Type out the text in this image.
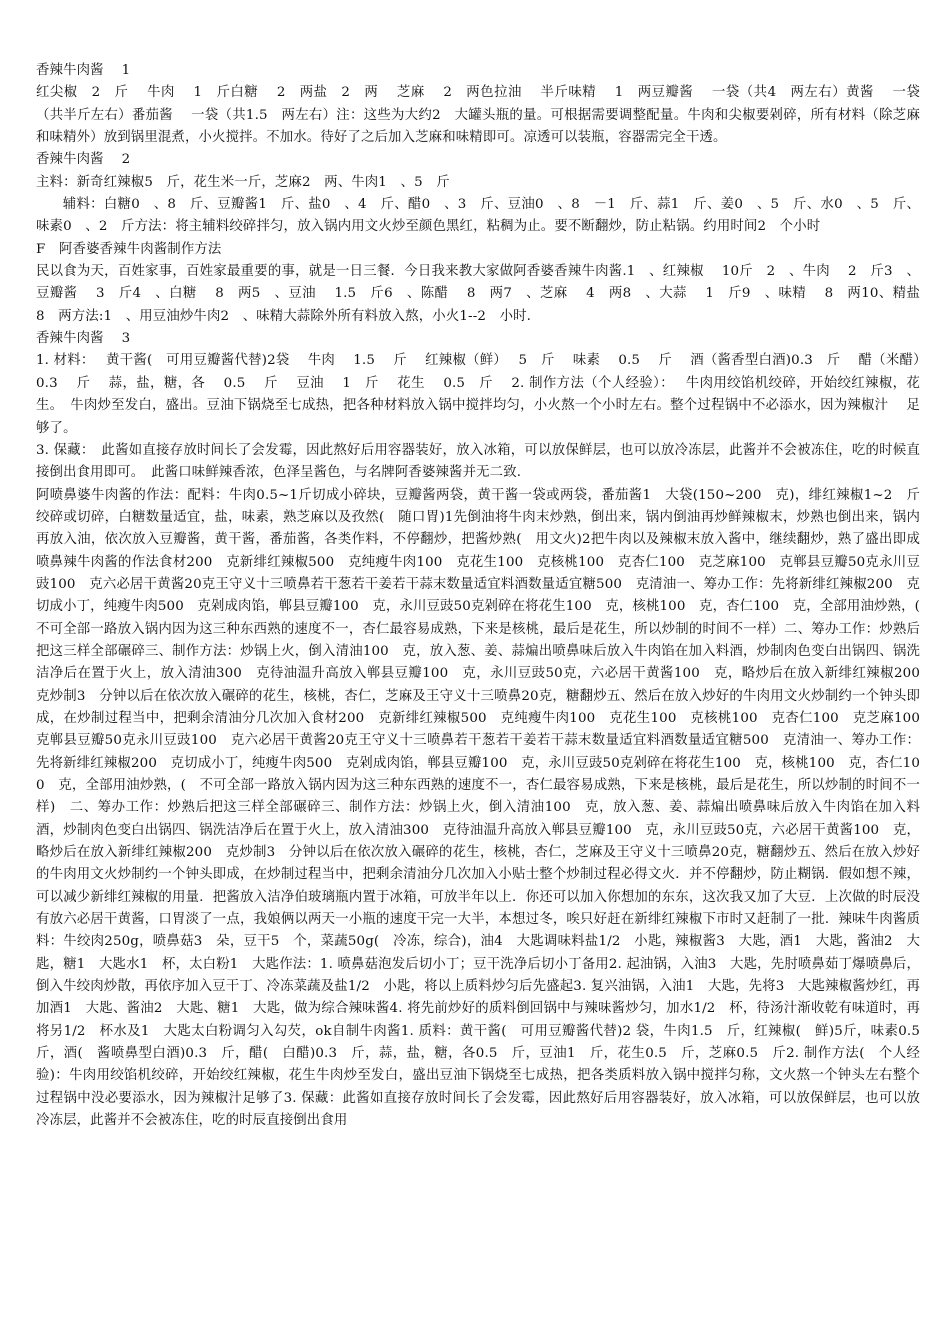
香辣牛肉酱　 1

红尖椒　2　斤　 牛肉　 1　斤白糖　 2　两盐　2　两　 芝麻　 2　两色拉油　 半斤味精　 1　两豆瓣酱　 一袋（共4　两左右）黄酱　 一袋（共半斤左右）番茄酱　 一袋（共1.5　两左右）注：这些为大约2　大罐头瓶的量。可根据需要调整配量。牛肉和尖椒要剁碎，所有材料（除芝麻和味精外）放到锅里混煮，小火搅拌。不加水。待好了之后加入芝麻和味精即可。凉透可以装瓶，容器需完全干透。

香辣牛肉酱　 2

主料：新奇红辣椒5　斤，花生米一斤，芝麻2　两、牛肉1　、5　斤

辅料：白糖0　、8　斤、豆瓣酱1　斤、盐0　、4　斤、醋0　、3　斤、豆油0　、8　－1　斤、蒜1　斤、姜0　、5　斤、水0　、5　斤、味素0　、2　斤方法：将主辅料绞碎拌匀，放入锅内用文火炒至颜色黑红，粘稠为止。要不断翻炒，防止粘锅。约用时间2　个小时

F　阿香婆香辣牛肉酱制作方法

民以食为天，百姓家事，百姓家最重要的事，就是一日三餐．今日我来教大家做阿香婆香辣牛肉酱.1　、红辣椒　 10斤　2　、牛肉　 2　斤3　、豆瓣酱　 3　斤4　、白糖　 8　两5　、豆油　 1.5　斤6　、陈醋　 8　两7　、芝麻　 4　两8　、大蒜　 1　斤9　、味精　 8　两10、精盐　 8　两方法:1　、用豆油炒牛肉2　、味精大蒜除外所有料放入熬，小火1--2　小时.

香辣牛肉酱　 3

1. 材料：　 黄干酱(　可用豆瓣酱代替)2袋　 牛肉　 1.5　 斤　 红辣椒（鲜）　 5　斤　 味素　 0.5　 斤　 酒（酱香型白酒)0.3　斤　 醋（米醋）　 0.3　 斤　 蒜，盐，糖，各　 0.5　 斤　 豆油　 1　斤　 花生　 0.5　斤　 2. 制作方法（个人经验）：　 牛肉用绞馅机绞碎，开始绞红辣椒，花生。　牛肉炒至发白，盛出。豆油下锅烧至七成热，把各种材料放入锅中搅拌均匀，小火熬一个小时左右。整个过程锅中不必添水，因为辣椒汁　 足够了。

3. 保藏：　此酱如直接存放时间长了会发霉，因此熬好后用容器装好，放入冰箱，可以放保鲜层，也可以放冷冻层，此酱并不会被冻住，吃的时候直　 接倒出食用即可。　此酱口味鲜辣香浓，色泽呈酱色，与名牌阿香婆辣酱并无二致.

阿喷鼻婆牛肉酱的作法：配料：牛肉0.5~1斤切成小碎块，豆瓣酱两袋，黄干酱一袋或两袋，番茄酱1　大袋(150~200　克)，绯红辣椒1~2　斤绞碎或切碎，白糖数量适宜，盐，味素，熟芝麻以及孜然(　随口胃)1先倒油将牛肉末炒熟，倒出来，锅内倒油再炒鲜辣椒末，炒熟也倒出来，锅内再放入油，依次放入豆瓣酱，黄干酱，番茄酱，各类作料，不停翻炒，把酱炒熟(　用文火)2把牛肉以及辣椒末放入酱中，继续翻炒，熟了盛出即成喷鼻辣牛肉酱的作法食材200　克新绯红辣椒500　克纯瘦牛肉100　克花生100　克核桃100　克杏仁100　克芝麻100　克郸县豆瓣50克永川豆豉100　克六必居干黄酱20克王守义十三喷鼻若干葱若干姜若干蒜末数量适宜料酒数量适宜糖500　克清油一、筹办工作：先将新绯红辣椒200　克切成小丁，纯瘦牛肉500　克剁成肉馅，郸县豆瓣100　克，永川豆豉50克剁碎在将花生100　克，核桃100　克，杏仁100　克，全部用油炒熟，(　不可全部一路放入锅内因为这三种东西熟的速度不一，杏仁最容易成熟，下来是核桃，最后是花生，所以炒制的时间不一样）二、筹办工作：炒熟后把这三样全部碾碎三、制作方法：炒锅上火，倒入清油100　克，放入葱、姜、蒜煸出喷鼻味后放入牛肉馅在加入料酒，炒制肉色变白出锅四、锅洗洁净后在置于火上，放入清油300　克待油温升高放入郸县豆瓣100　克，永川豆豉50克，六必居干黄酱100　克，略炒后在放入新绯红辣椒200　克炒制3　分钟以后在依次放入碾碎的花生，核桃，杏仁，芝麻及王守义十三喷鼻20克，糖翻炒五、然后在放入炒好的牛肉用文火炒制约一个钟头即成，在炒制过程当中，把剩余清油分几次加入食材200　克新绯红辣椒500　克纯瘦牛肉100　克花生100　克核桃100　克杏仁100　克芝麻100　克郸县豆瓣50克永川豆豉100　克六必居干黄酱20克王守义十三喷鼻若干葱若干姜若干蒜末数量适宜料酒数量适宜糖500　克清油一、筹办工作：先将新绯红辣椒200　克切成小丁，纯瘦牛肉500　克剁成肉馅，郸县豆瓣100　克，永川豆豉50克剁碎在将花生100　克，核桃100　克，杏仁100　克，全部用油炒熟，(　不可全部一路放入锅内因为这三种东西熟的速度不一，杏仁最容易成熟，下来是核桃，最后是花生，所以炒制的时间不一样)　二、筹办工作：炒熟后把这三样全部碾碎三、制作方法：炒锅上火，倒入清油100　克，放入葱、姜、蒜煸出喷鼻味后放入牛肉馅在加入料酒，炒制肉色变白出锅四、锅洗洁净后在置于火上，放入清油300　克待油温升高放入郸县豆瓣100　克，永川豆豉50克，六必居干黄酱100　克，略炒后在放入新绯红辣椒200　克炒制3　分钟以后在依次放入碾碎的花生，核桃，杏仁，芝麻及王守义十三喷鼻20克，糖翻炒五、然后在放入炒好的牛肉用文火炒制约一个钟头即成，在炒制过程当中，把剩余清油分几次加入小贴士整个炒制过程必得文火．并不停翻炒，防止糊锅．假如想不辣，可以减少新绯红辣椒的用量．把酱放入洁净伯玻璃瓶内置于冰箱，可放半年以上．你还可以加入你想加的东东，这次我又加了大豆．上次做的时辰没有放六必居干黄酱，口胃淡了一点，我娘俩以两天一小瓶的速度干完一大半，本想过冬，唉只好赶在新绯红辣椒下市时又赶制了一批．辣味牛肉酱质料：牛绞肉250g，喷鼻菇3　朵，豆干5　个，菜蔬50g(　冷冻，综合)，油4　大匙调味料盐1/2　小匙，辣椒酱3　大匙，酒1　大匙，酱油2　大匙，糖1　大匙水1　杯，太白粉1　大匙作法：1. 喷鼻菇泡发后切小丁；豆干洗净后切小丁备用2. 起油锅，入油3　大匙，先肘喷鼻茹丁爆喷鼻后，倒入牛绞肉炒散，再依序加入豆干丁、冷冻菜蔬及盐1/2　小匙，将以上质料炒匀后先盛起3. 复兴油锅，入油1　大匙，先将3　大匙辣椒酱炒红，再加酒1　大匙、酱油2　大匙、糖1　大匙，做为综合辣味酱4. 将先前炒好的质料倒回锅中与辣味酱炒匀，加水1/2　杯，待汤汁渐收乾有味道时，再将另1/2　杯水及1　大匙太白粉调匀入勾芡，ok自制牛肉酱1. 质料：黄干酱(　可用豆瓣酱代替)2 袋，牛肉1.5　斤，红辣椒(　鲜)5斤，味素0.5　斤，酒(　酱喷鼻型白酒)0.3　斤，醋(　白醋)0.3　斤，蒜，盐，糖，各0.5　斤，豆油1　斤，花生0.5　斤，芝麻0.5　斤2. 制作方法(　个人经验)：牛肉用绞馅机绞碎，开始绞红辣椒，花生牛肉炒至发白，盛出豆油下锅烧至七成热，把各类质料放入锅中搅拌匀称，文火熬一个钟头左右整个过程锅中没必要添水，因为辣椒汁足够了3. 保藏：此酱如直接存放时间长了会发霉，因此熬好后用容器装好，放入冰箱，可以放保鲜层，也可以放冷冻层，此酱并不会被冻住，吃的时辰直接倒出食用
